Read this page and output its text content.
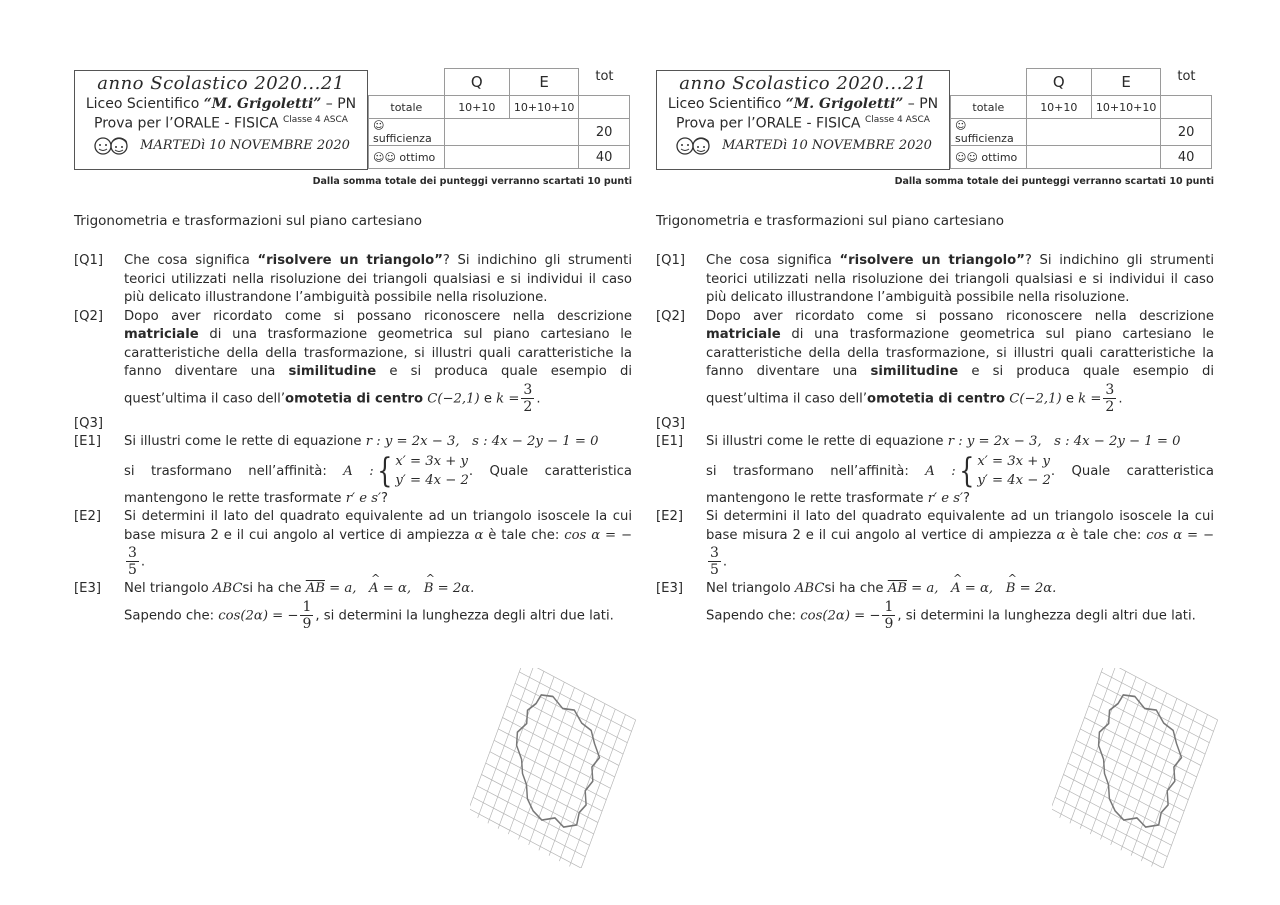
anno Scolastico 2020...21
Liceo Scientifico “M. Grigoletti” – PN
Prova per l’ORALE - FISICA $^{Classe 4 ASCA}$
MARTEDì 10 NOVEMBRE 2020
	Q	E	tot
totale	10+10	10+10+10	
☺ sufficienza			20
☺☺ ottimo			40
Dalla somma totale dei punteggi verranno scartati 10 punti
Trigonometria e trasformazioni sul piano cartesiano
[Q1]	Che cosa significa “risolvere un triangolo”? Si indichino gli strumenti teorici utilizzati nella risoluzione dei triangoli qualsiasi e si individui il caso più delicato illustrandone l’ambiguità possibile nella risoluzione.
[Q2]	Dopo aver ricordato come si possano riconoscere nella descrizione matriciale di una trasformazione geometrica sul piano cartesiano le caratteristiche della della trasformazione, si illustri quali caratteristiche la fanno diventare una similitudine e si produca quale esempio di quest’ultima il caso dell’omotetia di centro C(−2,1) e $k = \frac{3}{2}$ .
[Q3]
[E1]	Si illustri come le rette di equazione r : y = 2x − 3, s : 4x − 2y − 1 = 0
si trasformano nell’affinità: A :{ x′ = 3x + y
y′ = 4x − 2. Quale caratteristica mantengono le rette trasformate r′ e s′?
[E2]	Si determini il lato del quadrato equivalente ad un triangolo isoscele la cui base misura 2 e il cui angolo al vertice di ampiezza α è tale che: cos α = −
$\frac{3}{5}$ .
[E3]	Nel triangolo ABCsi ha che $\overline{AB} = a$, ^ A = α, ^ B = 2α.
Sapendo che: cos(2α) = − $\frac{1}{9}$ , si determini la lunghezza degli altri due lati.
anno Scolastico 2020...21
Liceo Scientifico “M. Grigoletti” – PN
Prova per l’ORALE - FISICA $^{Classe 4 ASCA}$
MARTEDì 10 NOVEMBRE 2020
	Q	E	tot
totale	10+10	10+10+10	
☺ sufficienza			20
☺☺ ottimo			40
Dalla somma totale dei punteggi verranno scartati 10 punti
Trigonometria e trasformazioni sul piano cartesiano
[Q1]	Che cosa significa “risolvere un triangolo”? Si indichino gli strumenti teorici utilizzati nella risoluzione dei triangoli qualsiasi e si individui il caso più delicato illustrandone l’ambiguità possibile nella risoluzione.
[Q2]	Dopo aver ricordato come si possano riconoscere nella descrizione matriciale di una trasformazione geometrica sul piano cartesiano le caratteristiche della della trasformazione, si illustri quali caratteristiche la fanno diventare una similitudine e si produca quale esempio di quest’ultima il caso dell’omotetia di centro C(−2,1) e $k = \frac{3}{2}$ .
[Q3]
[E1]	Si illustri come le rette di equazione r : y = 2x − 3, s : 4x − 2y − 1 = 0
si trasformano nell’affinità: A :{ x′ = 3x + y
y′ = 4x − 2. Quale caratteristica mantengono le rette trasformate r′ e s′?
[E2]	Si determini il lato del quadrato equivalente ad un triangolo isoscele la cui base misura 2 e il cui angolo al vertice di ampiezza α è tale che: cos α = −
$\frac{3}{5}$ .
[E3]	Nel triangolo ABCsi ha che $\overline{AB} = a$, ^ A = α, ^ B = 2α.
Sapendo che: cos(2α) = − $\frac{1}{9}$ , si determini la lunghezza degli altri due lati.
